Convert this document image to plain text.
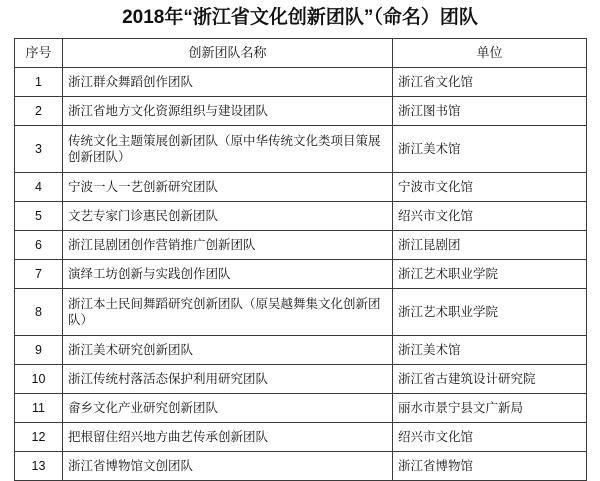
2018年“浙江省文化创新团队”（命名）团队
序号	创新团队名称	单位
1	浙江群众舞蹈创作团队	浙江省文化馆
2	浙江省地方文化资源组织与建设团队	浙江图书馆
3	传统文化主题策展创新团队（原中华传统文化类项目策展创新团队）	浙江美术馆
4	宁波一人一艺创新研究团队	宁波市文化馆
5	文艺专家门诊惠民创新团队	绍兴市文化馆
6	浙江昆剧团创作营销推广创新团队	浙江昆剧团
7	演绎工坊创新与实践创作团队	浙江艺术职业学院
8	浙江本土民间舞蹈研究创新团队（原吴越舞集文化创新团队）	浙江艺术职业学院
9	浙江美术研究创新团队	浙江美术馆
10	浙江传统村落活态保护利用研究团队	浙江省古建筑设计研究院
11	畲乡文化产业研究创新团队	丽水市景宁县文广新局
12	把根留住绍兴地方曲艺传承创新团队	绍兴市文化馆
13	浙江省博物馆文创团队	浙江省博物馆
